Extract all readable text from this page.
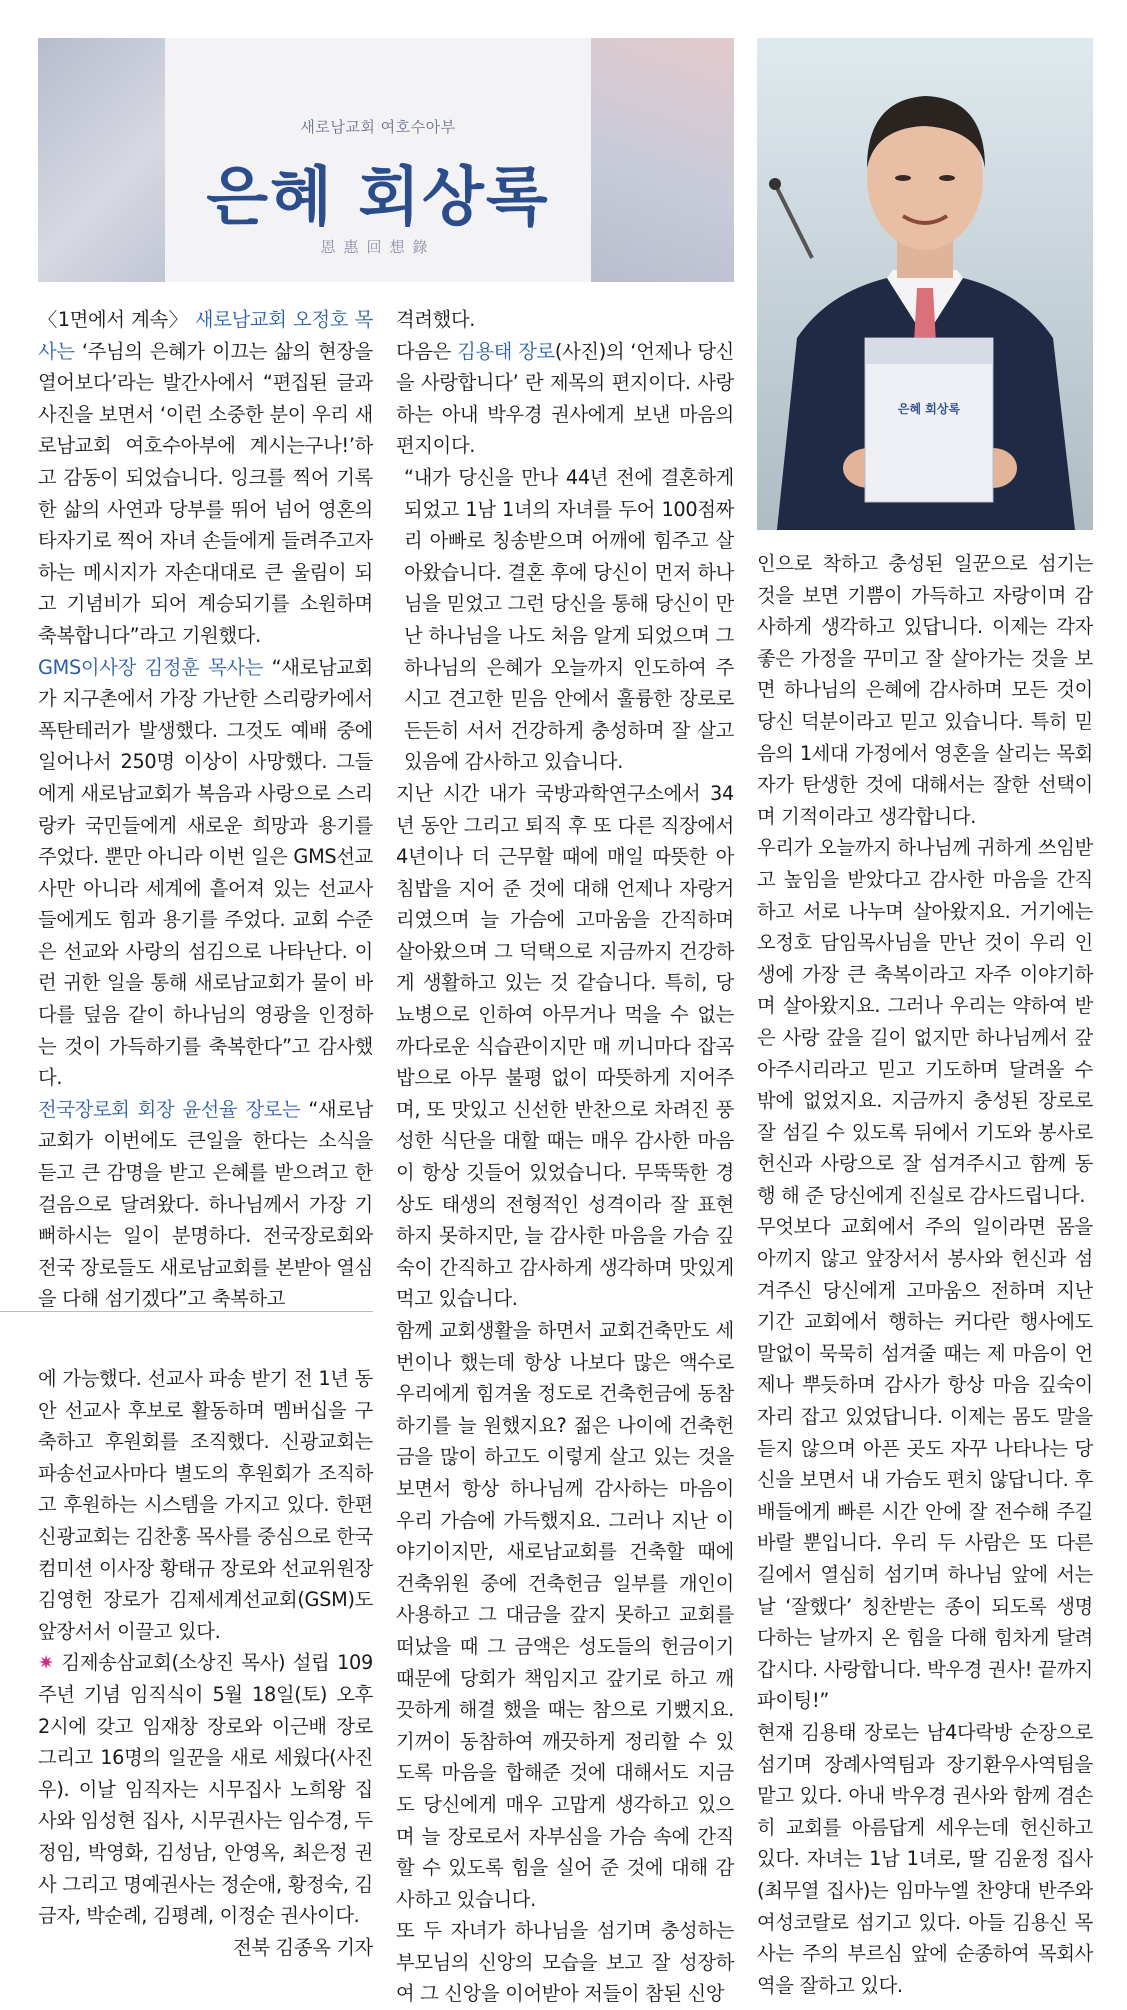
새로남교회 여호수아부
은혜 회상록
恩惠回想錄
은혜 회상록

〈1면에서 계속〉 새로남교회 오정호 목사는 ‘주님의 은혜가 이끄는 삶의 현장을 열어보다’라는 발간사에서 “편집된 글과 사진을 보면서 ‘이런 소중한 분이 우리 새로남교회 여호수아부에 계시는구나!’하고 감동이 되었습니다. 잉크를 찍어 기록한 삶의 사연과 당부를 뛰어 넘어 영혼의 타자기로 찍어 자녀 손들에게 들려주고자 하는 메시지가 자손대대로 큰 울림이 되고 기념비가 되어 계승되기를 소원하며 축복합니다”라고 기원했다.

GMS이사장 김정훈 목사는 “새로남교회가 지구촌에서 가장 가난한 스리랑카에서 폭탄테러가 발생했다. 그것도 예배 중에 일어나서 250명 이상이 사망했다. 그들에게 새로남교회가 복음과 사랑으로 스리랑카 국민들에게 새로운 희망과 용기를 주었다. 뿐만 아니라 이번 일은 GMS선교사만 아니라 세계에 흩어져 있는 선교사들에게도 힘과 용기를 주었다. 교회 수준은 선교와 사랑의 섬김으로 나타난다. 이런 귀한 일을 통해 새로남교회가 물이 바다를 덮음 같이 하나님의 영광을 인정하는 것이 가득하기를 축복한다”고 감사했다.

전국장로회 회장 윤선율 장로는 “새로남교회가 이번에도 큰일을 한다는 소식을 듣고 큰 감명을 받고 은혜를 받으려고 한걸음으로 달려왔다. 하나님께서 가장 기뻐하시는 일이 분명하다. 전국장로회와 전국 장로들도 새로남교회를 본받아 열심을 다해 섬기겠다”고 축복하고

에 가능했다. 선교사 파송 받기 전 1년 동안 선교사 후보로 활동하며 멤버십을 구축하고 후원회를 조직했다. 신광교회는 파송선교사마다 별도의 후원회가 조직하고 후원하는 시스템을 가지고 있다. 한편 신광교회는 김찬홍 목사를 중심으로 한국컴미션 이사장 황태규 장로와 선교위원장 김영헌 장로가 김제세계선교회(GSM)도 앞장서서 이끌고 있다.

✷ 김제송삼교회(소상진 목사) 설립 109주년 기념 임직식이 5월 18일(토) 오후 2시에 갖고 임재창 장로와 이근배 장로 그리고 16명의 일꾼을 새로 세웠다(사진 우). 이날 임직자는 시무집사 노희왕 집사와 임성현 집사, 시무권사는 임수경, 두정임, 박영화, 김성남, 안영옥, 최은정 권사 그리고 명예권사는 정순애, 황정숙, 김금자, 박순례, 김평례, 이정순 권사이다.

전북 김종옥 기자

격려했다.

다음은 김용태 장로(사진)의 ‘언제나 당신을 사랑합니다’ 란 제목의 편지이다. 사랑하는 아내 박우경 권사에게 보낸 마음의 편지이다.

“내가 당신을 만나 44년 전에 결혼하게 되었고 1남 1녀의 자녀를 두어 100점짜리 아빠로 칭송받으며 어깨에 힘주고 살아왔습니다. 결혼 후에 당신이 먼저 하나님을 믿었고 그런 당신을 통해 당신이 만난 하나님을 나도 처음 알게 되었으며 그 하나님의 은혜가 오늘까지 인도하여 주시고 견고한 믿음 안에서 훌륭한 장로로 든든히 서서 건강하게 충성하며 잘 살고 있음에 감사하고 있습니다.

지난 시간 내가 국방과학연구소에서 34년 동안 그리고 퇴직 후 또 다른 직장에서 4년이나 더 근무할 때에 매일 따뜻한 아침밥을 지어 준 것에 대해 언제나 자랑거리였으며 늘 가슴에 고마움을 간직하며 살아왔으며 그 덕택으로 지금까지 건강하게 생활하고 있는 것 같습니다. 특히, 당뇨병으로 인하여 아무거나 먹을 수 없는 까다로운 식습관이지만 매 끼니마다 잡곡밥으로 아무 불평 없이 따뜻하게 지어주며, 또 맛있고 신선한 반찬으로 차려진 풍성한 식단을 대할 때는 매우 감사한 마음이 항상 깃들어 있었습니다. 무뚝뚝한 경상도 태생의 전형적인 성격이라 잘 표현하지 못하지만, 늘 감사한 마음을 가슴 깊숙이 간직하고 감사하게 생각하며 맛있게 먹고 있습니다.

함께 교회생활을 하면서 교회건축만도 세 번이나 했는데 항상 나보다 많은 액수로 우리에게 힘겨울 정도로 건축헌금에 동참하기를 늘 원했지요? 젊은 나이에 건축헌금을 많이 하고도 이렇게 살고 있는 것을 보면서 항상 하나님께 감사하는 마음이 우리 가슴에 가득했지요. 그러나 지난 이야기이지만, 새로남교회를 건축할 때에 건축위원 중에 건축헌금 일부를 개인이 사용하고 그 대금을 갚지 못하고 교회를 떠났을 때 그 금액은 성도들의 헌금이기 때문에 당회가 책임지고 갚기로 하고 깨끗하게 해결 했을 때는 참으로 기뻤지요. 기꺼이 동참하여 깨끗하게 정리할 수 있도록 마음을 합해준 것에 대해서도 지금도 당신에게 매우 고맙게 생각하고 있으며 늘 장로로서 자부심을 가슴 속에 간직할 수 있도록 힘을 실어 준 것에 대해 감사하고 있습니다.

또 두 자녀가 하나님을 섬기며 충성하는 부모님의 신앙의 모습을 보고 잘 성장하여 그 신앙을 이어받아 저들이 참된 신앙

인으로 착하고 충성된 일꾼으로 섬기는 것을 보면 기쁨이 가득하고 자랑이며 감사하게 생각하고 있답니다. 이제는 각자 좋은 가정을 꾸미고 잘 살아가는 것을 보면 하나님의 은혜에 감사하며 모든 것이 당신 덕분이라고 믿고 있습니다. 특히 믿음의 1세대 가정에서 영혼을 살리는 목회자가 탄생한 것에 대해서는 잘한 선택이며 기적이라고 생각합니다.

우리가 오늘까지 하나님께 귀하게 쓰임받고 높임을 받았다고 감사한 마음을 간직하고 서로 나누며 살아왔지요. 거기에는 오정호 담임목사님을 만난 것이 우리 인생에 가장 큰 축복이라고 자주 이야기하며 살아왔지요. 그러나 우리는 약하여 받은 사랑 갚을 길이 없지만 하나님께서 갚아주시리라고 믿고 기도하며 달려올 수 밖에 없었지요. 지금까지 충성된 장로로 잘 섬길 수 있도록 뒤에서 기도와 봉사로 헌신과 사랑으로 잘 섬겨주시고 함께 동행 해 준 당신에게 진실로 감사드립니다.

무엇보다 교회에서 주의 일이라면 몸을 아끼지 않고 앞장서서 봉사와 헌신과 섬겨주신 당신에게 고마움으 전하며 지난 기간 교회에서 행하는 커다란 행사에도 말없이 묵묵히 섬겨줄 때는 제 마음이 언제나 뿌듯하며 감사가 항상 마음 깊숙이 자리 잡고 있었답니다. 이제는 몸도 말을 듣지 않으며 아픈 곳도 자꾸 나타나는 당신을 보면서 내 가슴도 편치 않답니다. 후배들에게 빠른 시간 안에 잘 전수해 주길 바랄 뿐입니다. 우리 두 사람은 또 다른 길에서 열심히 섬기며 하나님 앞에 서는 날 ‘잘했다’ 칭찬받는 종이 되도록 생명 다하는 날까지 온 힘을 다해 힘차게 달려갑시다. 사랑합니다. 박우경 권사! 끝까지 파이팅!”

현재 김용태 장로는 남4다락방 순장으로 섬기며 장례사역팀과 장기환우사역팀을 맡고 있다. 아내 박우경 권사와 함께 겸손히 교회를 아름답게 세우는데 헌신하고 있다. 자녀는 1남 1녀로, 딸 김윤정 집사(최무열 집사)는 임마누엘 찬양대 반주와 여성코랄로 섬기고 있다. 아들 김용신 목사는 주의 부르심 앞에 순종하여 목회사역을 잘하고 있다.
